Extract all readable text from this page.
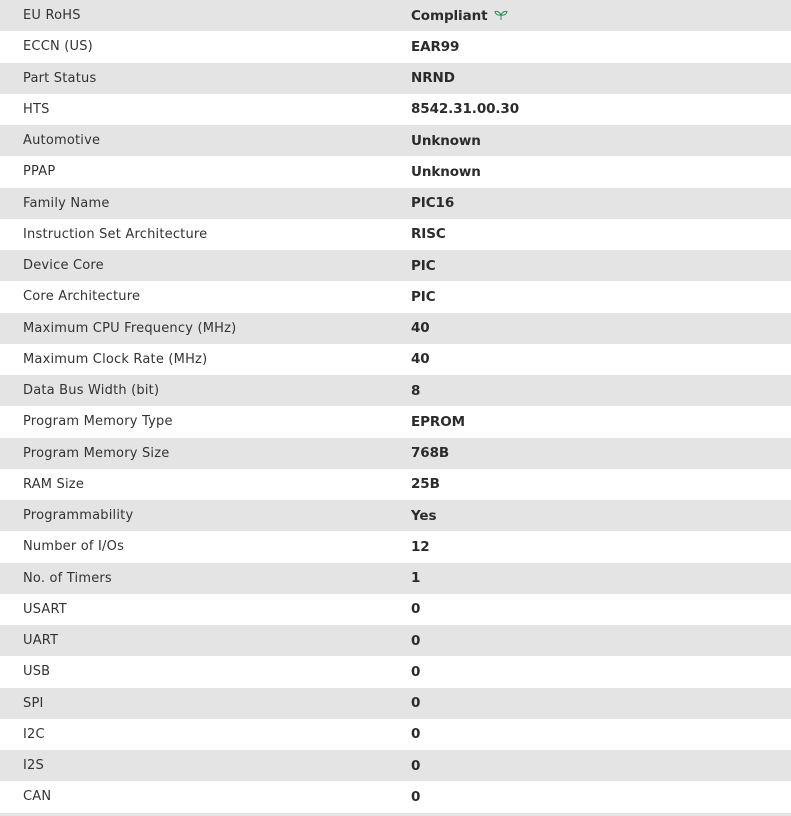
EU RoHS	Compliant
ECCN (US)	EAR99
Part Status	NRND
HTS	8542.31.00.30
Automotive	Unknown
PPAP	Unknown
Family Name	PIC16
Instruction Set Architecture	RISC
Device Core	PIC
Core Architecture	PIC
Maximum CPU Frequency (MHz)	40
Maximum Clock Rate (MHz)	40
Data Bus Width (bit)	8
Program Memory Type	EPROM
Program Memory Size	768B
RAM Size	25B
Programmability	Yes
Number of I/Os	12
No. of Timers	1
USART	0
UART	0
USB	0
SPI	0
I2C	0
I2S	0
CAN	0
